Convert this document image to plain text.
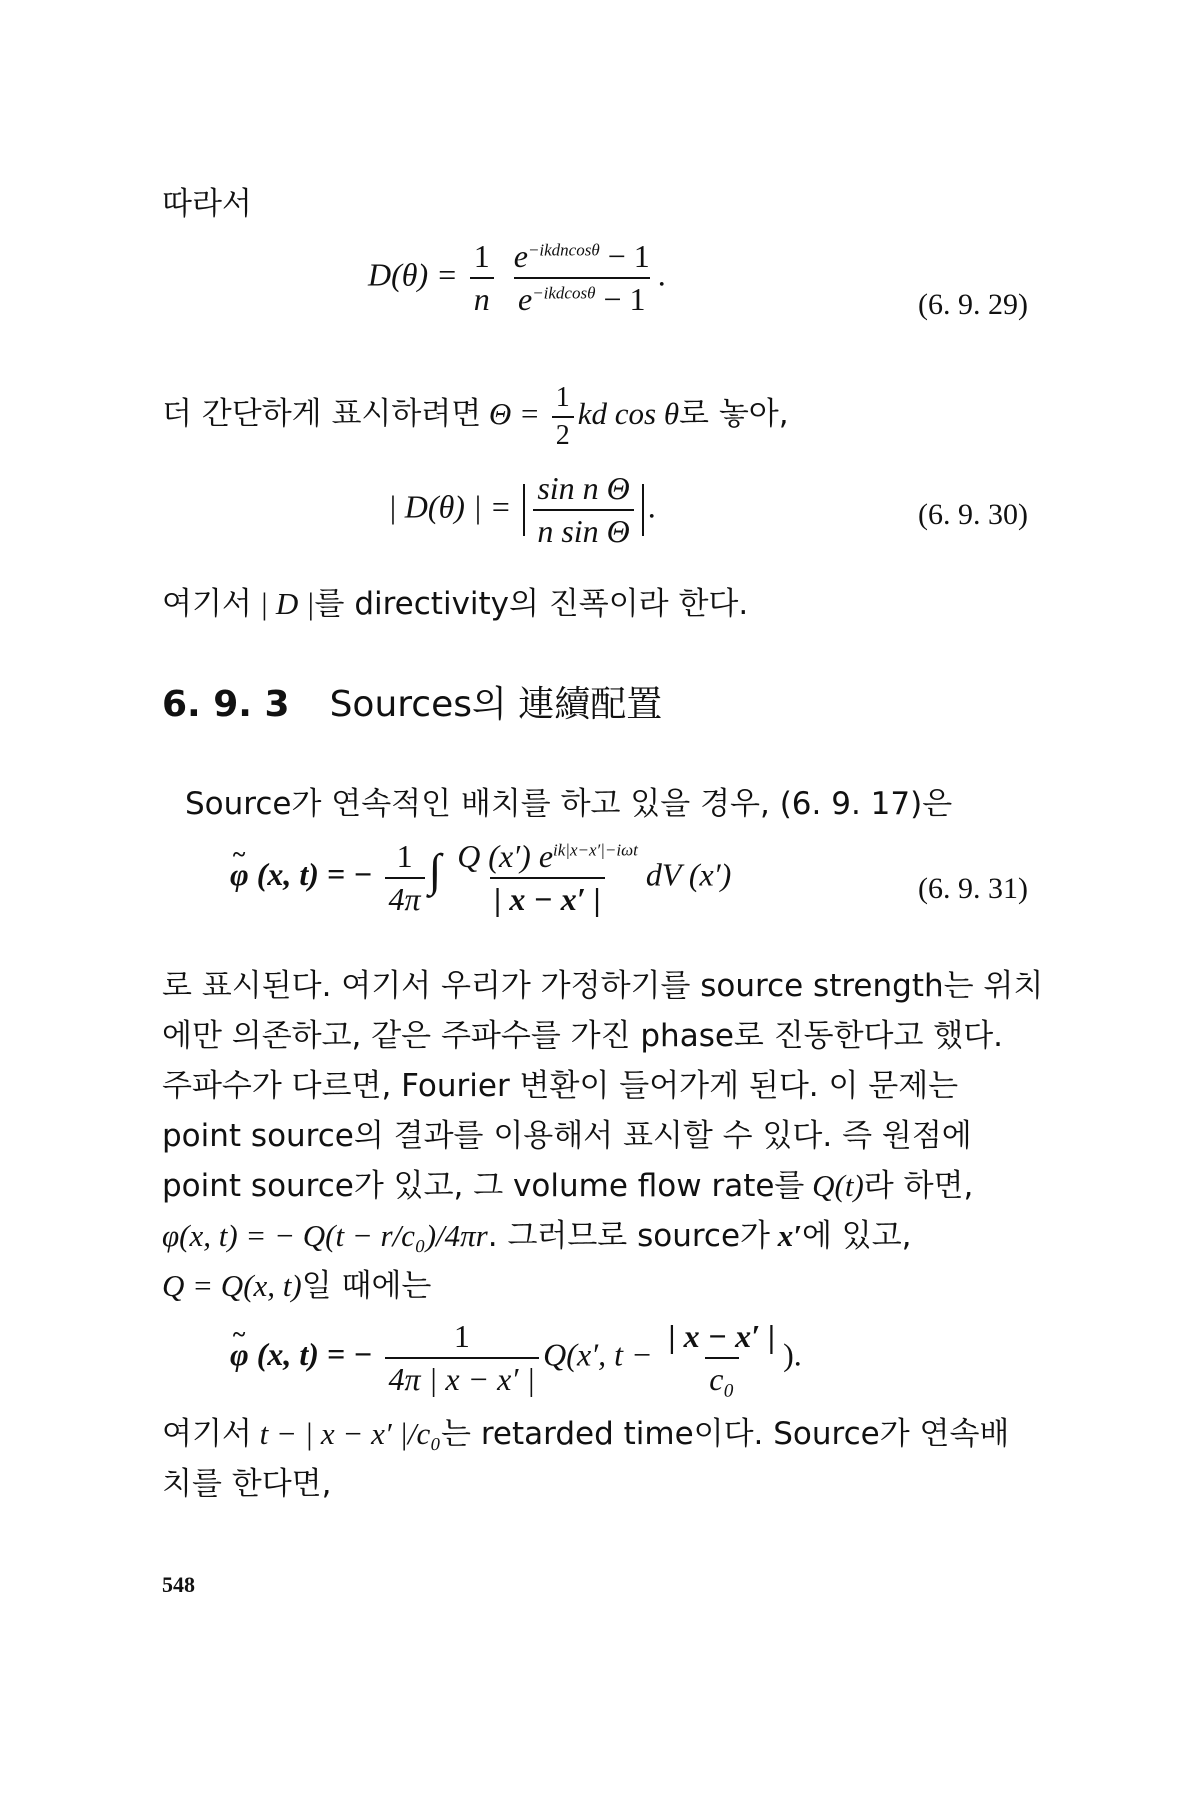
따라서
$D(\theta) = \frac{1}{n}$
$\frac{e^{-ikdncos\theta} - 1}{e^{-ikdcos\theta} - 1}$ .
(6. 9. 29)
더 간단하게 표시하려면 $\Theta = \frac{1}{2}$ kd cos θ로 놓아,
| D(θ) | = $\frac{\text{sin n Θ}}{\text{n sin Θ}}$ .	(6. 9. 30)
여기서 | D |를 directivity의 진폭이라 한다.
6. 9. 3 Sources의 連續配置
Source가 연속적인 배치를 하고 있을 경우, (6. 9. 17)은
~ φ (x, t) = − $\frac{1}{4\pi}$ ∫ $\frac{Q (x') e^{ik|x-x'|-i\omega t}}{| x - x' |}$ dV (x′)	(6. 9. 31)
로 표시된다. 여기서 우리가 가정하기를 source strength는 위치
에만 의존하고, 같은 주파수를 가진 phase로 진동한다고 했다.
주파수가 다르면, Fourier 변환이 들어가게 된다. 이 문제는
point source의 결과를 이용해서 표시할 수 있다. 즉 원점에
point source가 있고, 그 volume flow rate를 Q(t)라 하면,
φ(x, t) = − Q(t − r/c₀)/4πr. 그러므로 source가 x′에 있고,
Q = Q(x, t)일 때에는
~ φ (x, t) = − $\frac{1}{4\pi | x - x' |} Q(x'$, $t - \frac{| x - x' |}{\text{c₀}}$ ).
여기서 t − | x − x′ |/c₀는 retarded time이다. Source가 연속배
치를 한다면,
548
